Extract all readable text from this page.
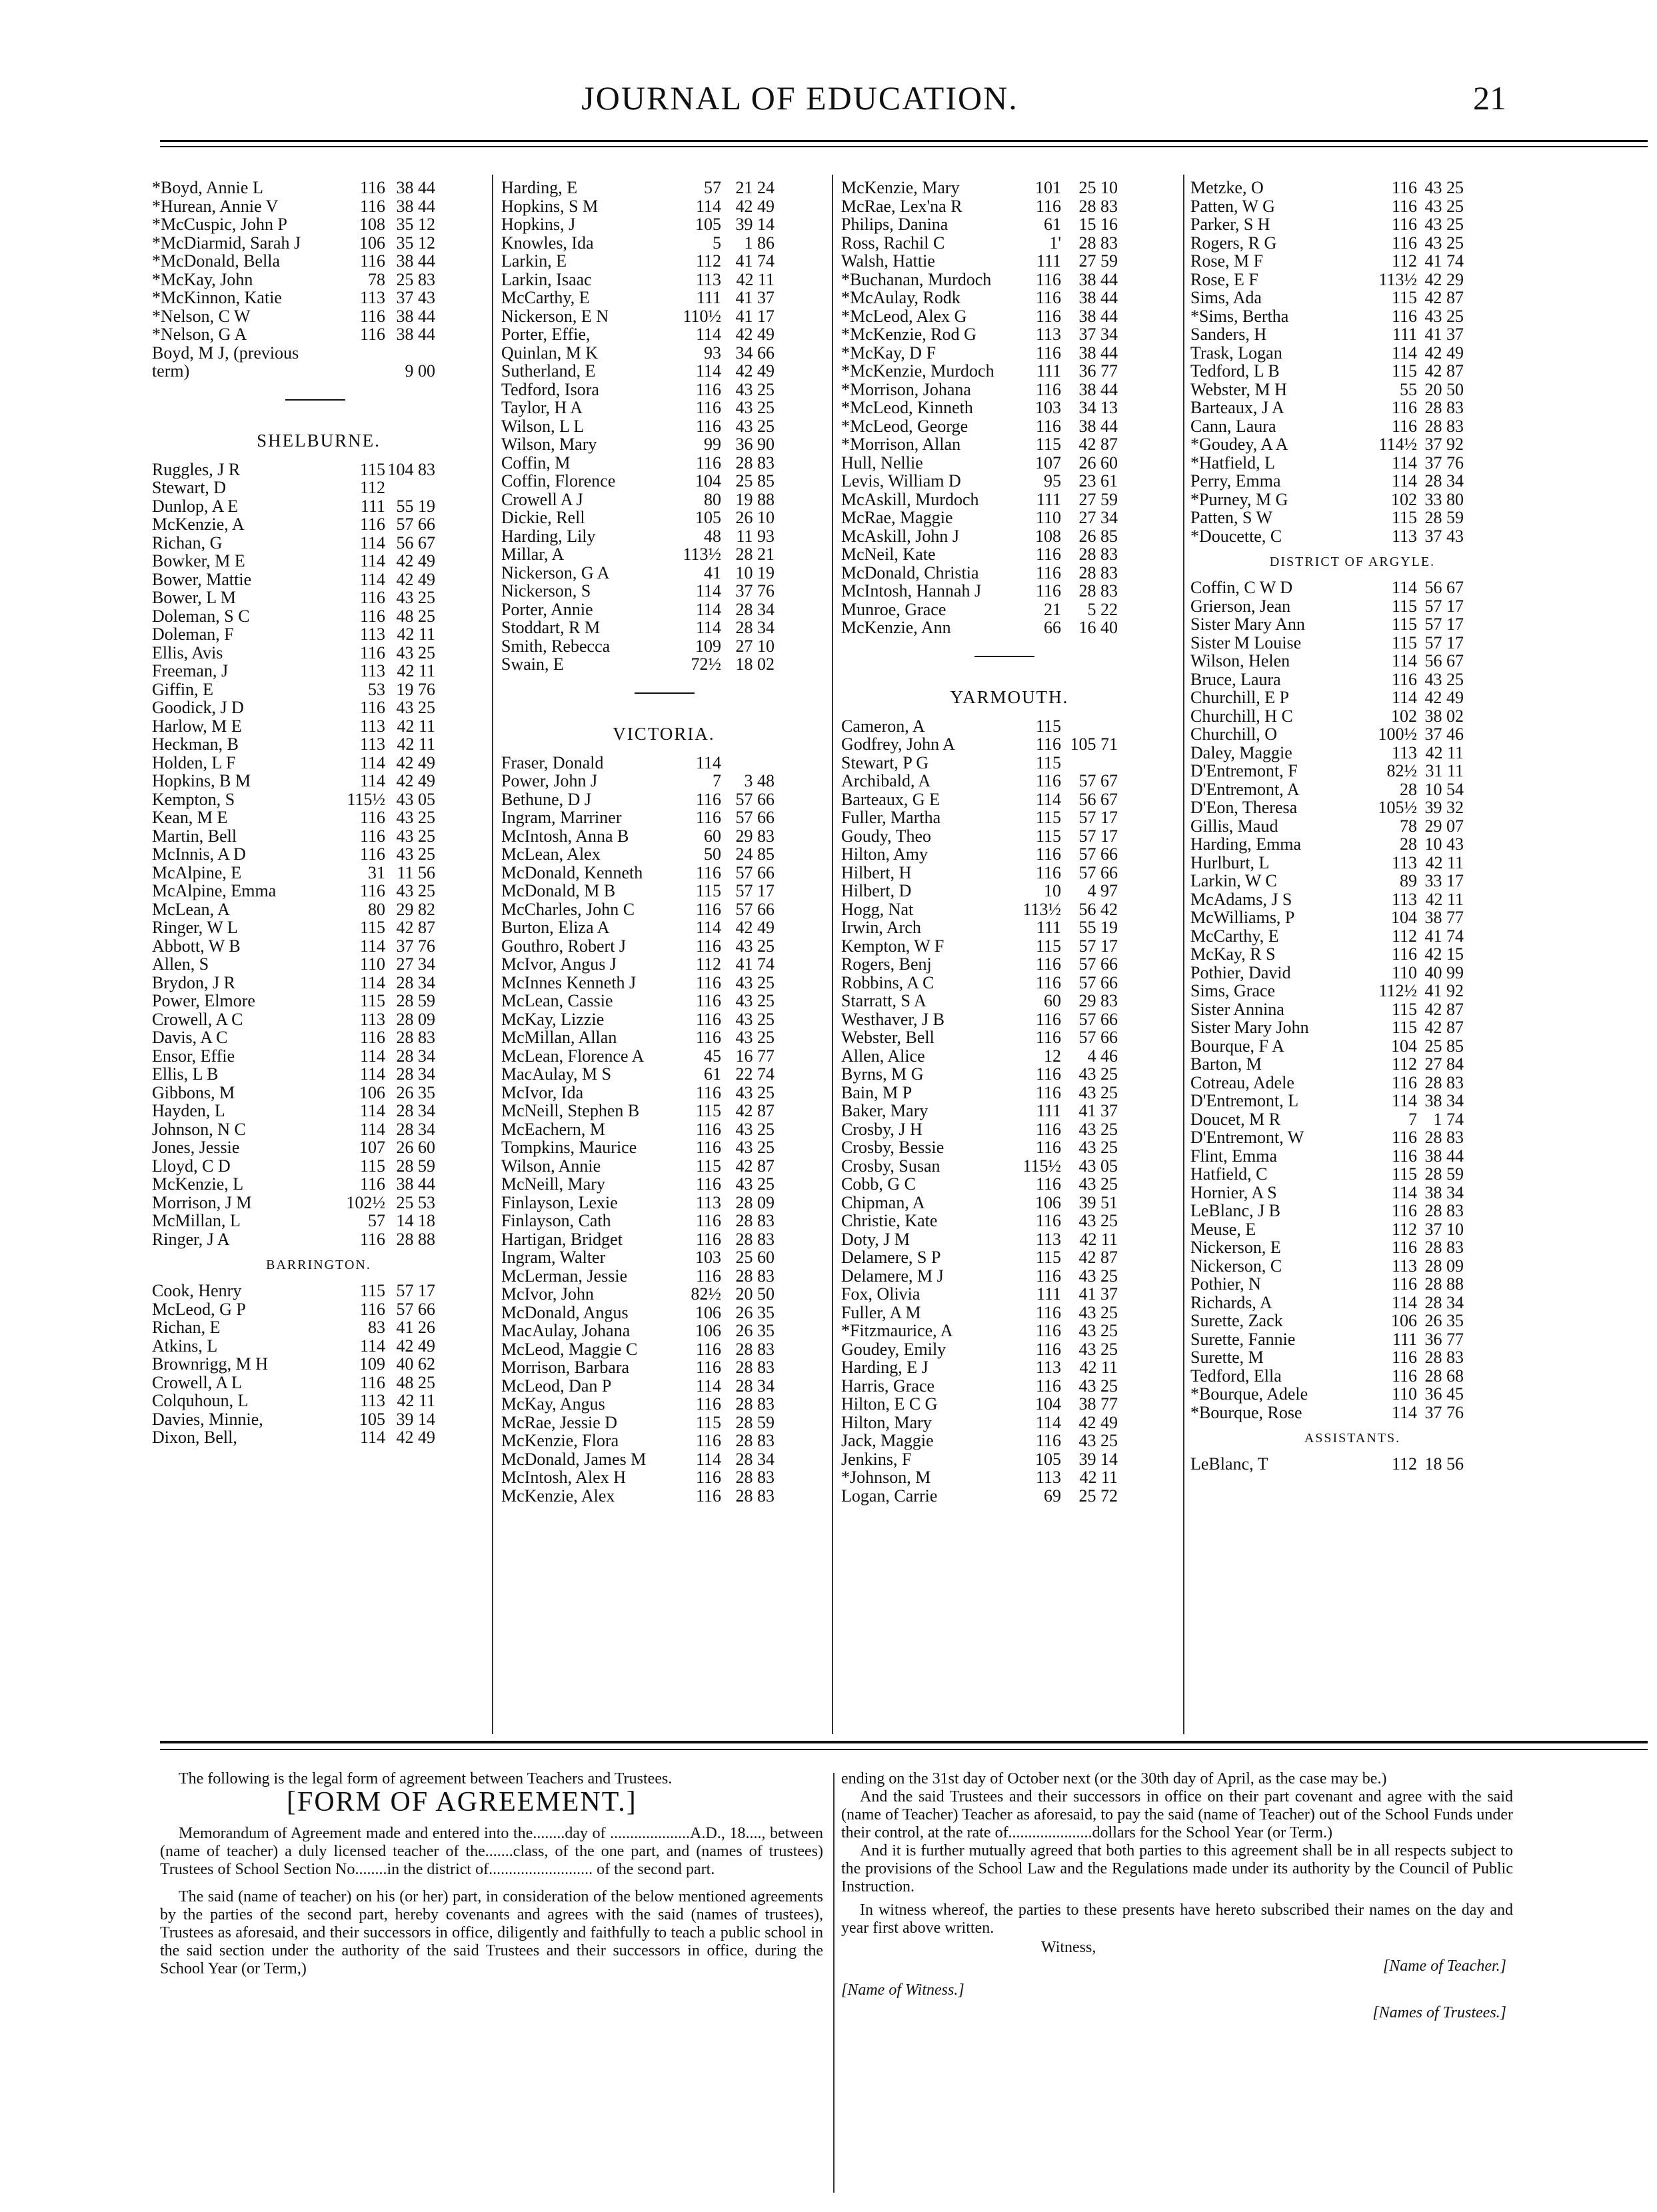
JOURNAL OF EDUCATION.	21
*Boyd, Annie L	116 38 44
*Hurean, Annie V	116 38 44
*McCuspic, John P	108 35 12
*McDiarmid, Sarah J	106 35 12
*McDonald, Bella	116 38 44
*McKay, John	78 25 83
*McKinnon, Katie	113 37 43
*Nelson, C W	116 38 44
*Nelson, G A	116 38 44
Boyd, M J, (previous
term)	9 00
SHELBURNE.
Ruggles, J R	115 104 83
Stewart, D	112
Dunlop, A E	111 55 19
McKenzie, A	116 57 66
Richan, G	114 56 67
Bowker, M E	114 42 49
Bower, Mattie	114 42 49
Bower, L M	116 43 25
Doleman, S C	116 48 25
Doleman, F	113 42 11
Ellis, Avis	116 43 25
Freeman, J	113 42 11
Giffin, E	53 19 76
Goodick, J D	116 43 25
Harlow, M E	113 42 11
Heckman, B	113 42 11
Holden, L F	114 42 49
Hopkins, B M	114 42 49
Kempton, S	115½ 43 05
Kean, M E	116 43 25
Martin, Bell	116 43 25
McInnis, A D	116 43 25
McAlpine, E	31 11 56
McAlpine, Emma	116 43 25
McLean, A	80 29 82
Ringer, W L	115 42 87
Abbott, W B	114 37 76
Allen, S	110 27 34
Brydon, J R	114 28 34
Power, Elmore	115 28 59
Crowell, A C	113 28 09
Davis, A C	116 28 83
Ensor, Effie	114 28 34
Ellis, L B	114 28 34
Gibbons, M	106 26 35
Hayden, L	114 28 34
Johnson, N C	114 28 34
Jones, Jessie	107 26 60
Lloyd, C D	115 28 59
McKenzie, L	116 38 44
Morrison, J M	102½ 25 53
McMillan, L	57 14 18
Ringer, J A	116 28 88
BARRINGTON.
Cook, Henry	115 57 17
McLeod, G P	116 57 66
Richan, E	83 41 26
Atkins, L	114 42 49
Brownrigg, M H	109 40 62
Crowell, A L	116 48 25
Colquhoun, L	113 42 11
Davies, Minnie,	105 39 14
Dixon, Bell,	114 42 49
Harding, E	57 21 24
Hopkins, S M	114 42 49
Hopkins, J	105 39 14
Knowles, Ida	5	1 86
Larkin, E	112 41 74
Larkin, Isaac	113 42 11
McCarthy, E	111 41 37
Nickerson, E N	110½ 41 17
Porter, Effie,	114 42 49
Quinlan, M K	93 34 66
Sutherland, E	114 42 49
Tedford, Isora	116 43 25
Taylor, H A	116 43 25
Wilson, L L	116 43 25
Wilson, Mary	99 36 90
Coffin, M	116 28 83
Coffin, Florence	104 25 85
Crowell A J	80 19 88
Dickie, Rell	105 26 10
Harding, Lily	48 11 93
Millar, A	113½ 28 21
Nickerson, G A	41 10 19
Nickerson, S	114 37 76
Porter, Annie	114 28 34
Stoddart, R M	114 28 34
Smith, Rebecca	109 27 10
Swain, E	72½ 18 02
VICTORIA.
Fraser, Donald	114
Power, John J	7	3 48
Bethune, D J	116 57 66
Ingram, Marriner	116 57 66
McIntosh, Anna B	60 29 83
McLean, Alex	50 24 85
McDonald, Kenneth	116 57 66
McDonald, M B	115 57 17
McCharles, John C	116 57 66
Burton, Eliza A	114 42 49
Gouthro, Robert J	116 43 25
McIvor, Angus J	112 41 74
McInnes Kenneth J	116 43 25
McLean, Cassie	116 43 25
McKay, Lizzie	116 43 25
McMillan, Allan	116 43 25
McLean, Florence A	45 16 77
MacAulay, M S	61 22 74
McIvor, Ida	116 43 25
McNeill, Stephen B	115 42 87
McEachern, M	116 43 25
Tompkins, Maurice	116 43 25
Wilson, Annie	115 42 87
McNeill, Mary	116 43 25
Finlayson, Lexie	113 28 09
Finlayson, Cath	116 28 83
Hartigan, Bridget	116 28 83
Ingram, Walter	103 25 60
McLerman, Jessie	116 28 83
McIvor, John	82½ 20 50
McDonald, Angus	106 26 35
MacAulay, Johana	106 26 35
McLeod, Maggie C	116 28 83
Morrison, Barbara	116 28 83
McLeod, Dan P	114 28 34
McKay, Angus	116 28 83
McRae, Jessie D	115 28 59
McKenzie, Flora	116 28 83
McDonald, James M	114 28 34
McIntosh, Alex H	116 28 83
McKenzie, Alex	116 28 83
McKenzie, Mary	101	25 10
McRae, Lex'na R	116	28 83
Philips, Danina	61	15 16
Ross, Rachil C	1'	28 83
Walsh, Hattie	111	27 59
*Buchanan, Murdoch	116	38 44
*McAulay, Rodk	116	38 44
*McLeod, Alex G	116	38 44
*McKenzie, Rod G	113	37 34
*McKay, D F	116	38 44
*McKenzie, Murdoch	111	36 77
*Morrison, Johana	116	38 44
*McLeod, Kinneth	103	34 13
*McLeod, George	116	38 44
*Morrison, Allan	115	42 87
Hull, Nellie	107	26 60
Levis, William D	95	23 61
McAskill, Murdoch	111	27 59
McRae, Maggie	110	27 34
McAskill, John J	108	26 85
McNeil, Kate	116	28 83
McDonald, Christia	116	28 83
McIntosh, Hannah J	116	28 83
Munroe, Grace	21	5 22
McKenzie, Ann	66	16 40
YARMOUTH.
Cameron, A	115
Godfrey, John A	116 105 71
Stewart, P G	115
Archibald, A	116	57 67
Barteaux, G E	114	56 67
Fuller, Martha	115	57 17
Goudy, Theo	115	57 17
Hilton, Amy	116	57 66
Hilbert, H	116	57 66
Hilbert, D	10	4 97
Hogg, Nat	113½	56 42
Irwin, Arch	111	55 19
Kempton, W F	115	57 17
Rogers, Benj	116	57 66
Robbins, A C	116	57 66
Starratt, S A	60	29 83
Westhaver, J B	116	57 66
Webster, Bell	116	57 66
Allen, Alice	12	4 46
Byrns, M G	116	43 25
Bain, M P	116	43 25
Baker, Mary	111	41 37
Crosby, J H	116	43 25
Crosby, Bessie	116	43 25
Crosby, Susan	115½	43 05
Cobb, G C	116	43 25
Chipman, A	106	39 51
Christie, Kate	116	43 25
Doty, J M	113	42 11
Delamere, S P	115	42 87
Delamere, M J	116	43 25
Fox, Olivia	111	41 37
Fuller, A M	116	43 25
*Fitzmaurice, A	116	43 25
Goudey, Emily	116	43 25
Harding, E J	113	42 11
Harris, Grace	116	43 25
Hilton, E C G	104	38 77
Hilton, Mary	114	42 49
Jack, Maggie	116	43 25
Jenkins, F	105	39 14
*Johnson, M	113	42 11
Logan, Carrie	69	25 72
Metzke, O	116 43 25
Patten, W G	116 43 25
Parker, S H	116 43 25
Rogers, R G	116 43 25
Rose, M F	112 41 74
Rose, E F	113½ 42 29
Sims, Ada	115 42 87
*Sims, Bertha	116 43 25
Sanders, H	111 41 37
Trask, Logan	114 42 49
Tedford, L B	115 42 87
Webster, M H	55 20 50
Barteaux, J A	116 28 83
Cann, Laura	116 28 83
*Goudey, A A	114½ 37 92
*Hatfield, L	114 37 76
Perry, Emma	114 28 34
*Purney, M G	102 33 80
Patten, S W	115 28 59
*Doucette, C	113 37 43
DISTRICT OF ARGYLE.
Coffin, C W D	114 56 67
Grierson, Jean	115 57 17
Sister Mary Ann	115 57 17
Sister M Louise	115 57 17
Wilson, Helen	114 56 67
Bruce, Laura	116 43 25
Churchill, E P	114 42 49
Churchill, H C	102 38 02
Churchill, O	100½ 37 46
Daley, Maggie	113 42 11
D'Entremont, F	82½ 31 11
D'Entremont, A	28 10 54
D'Eon, Theresa	105½ 39 32
Gillis, Maud	78 29 07
Harding, Emma	28 10 43
Hurlburt, L	113 42 11
Larkin, W C	89 33 17
McAdams, J S	113 42 11
McWilliams, P	104 38 77
McCarthy, E	112 41 74
McKay, R S	116 42 15
Pothier, David	110 40 99
Sims, Grace	112½ 41 92
Sister Annina	115 42 87
Sister Mary John	115 42 87
Bourque, F A	104 25 85
Barton, M	112 27 84
Cotreau, Adele	116 28 83
D'Entremont, L	114 38 34
Doucet, M R	7 1 74
D'Entremont, W	116 28 83
Flint, Emma	116 38 44
Hatfield, C	115 28 59
Hornier, A S	114 38 34
LeBlanc, J B	116 28 83
Meuse, E	112 37 10
Nickerson, E	116 28 83
Nickerson, C	113 28 09
Pothier, N	116 28 88
Richards, A	114 28 34
Surette, Zack	106 26 35
Surette, Fannie	111 36 77
Surette, M	116 28 83
Tedford, Ella	116 28 68
*Bourque, Adele	110 36 45
*Bourque, Rose	114 37 76
ASSISTANTS.
LeBlanc, T	112 18 56

The following is the legal form of agreement between Teachers and Trustees.

[FORM OF AGREEMENT.]

Memorandum of Agreement made and entered into the........day of ....................A.D., 18...., between (name of teacher) a duly licensed teacher of the.......class, of the one part, and (names of trustees) Trustees of School Section No........in the district of.......................... of the second part.

The said (name of teacher) on his (or her) part, in consideration of the below mentioned agreements by the parties of the second part, hereby covenants and agrees with the said (names of trustees), Trustees as aforesaid, and their successors in office, diligently and faithfully to teach a public school in the said section under the authority of the said Trustees and their successors in office, during the School Year (or Term,)

ending on the 31st day of October next (or the 30th day of April, as the case may be.)

And the said Trustees and their successors in office on their part covenant and agree with the said (name of Teacher) Teacher as aforesaid, to pay the said (name of Teacher) out of the School Funds under their control, at the rate of.....................dollars for the School Year (or Term.)

And it is further mutually agreed that both parties to this agreement shall be in all respects subject to the provisions of the School Law and the Regulations made under its authority by the Council of Public Instruction.

In witness whereof, the parties to these presents have hereto subscribed their names on the day and year first above written.

Witness,
[Name of Teacher.]
[Name of Witness.]
[Names of Trustees.]
